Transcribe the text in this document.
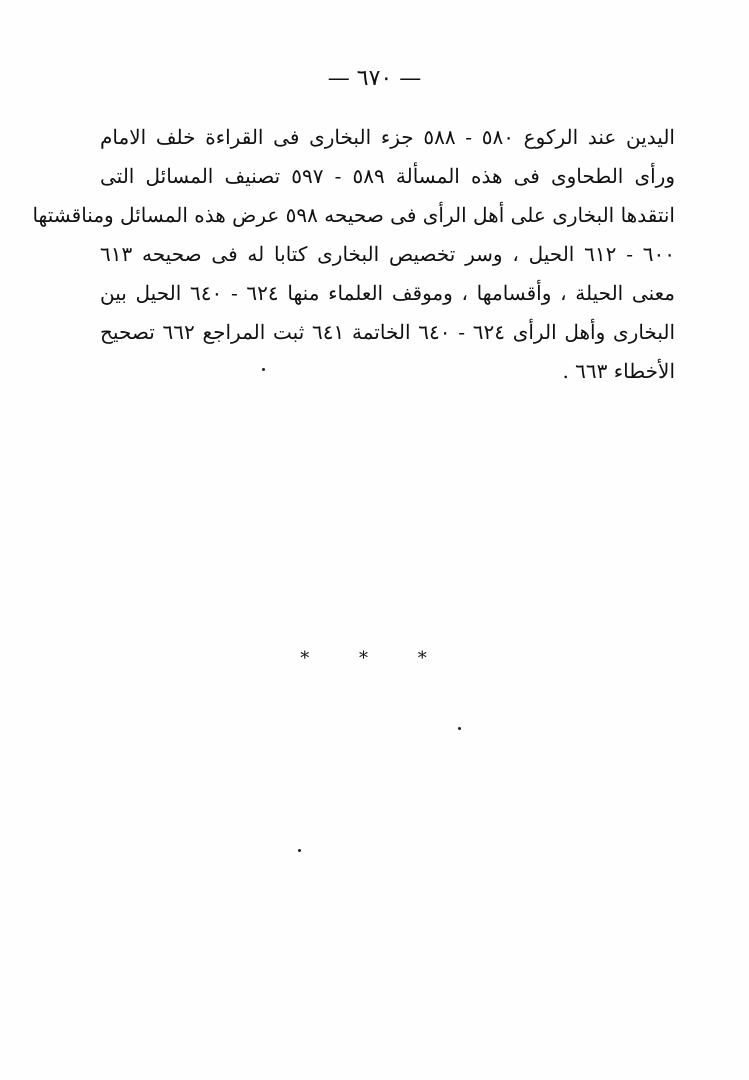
— ٦٧٠ —
اليدين عند الركوع ٥٨٠ - ٥٨٨ جزء البخارى فى القراءة خلف الامام
ورأى الطحاوى فى هذه المسألة ٥٨٩ - ٥٩٧ تصنيف المسائل التى
انتقدها البخارى على أهل الرأى فى صحيحه ٥٩٨ عرض هذه المسائل ومناقشتها
٦٠٠ - ٦١٢ الحيل ، وسر تخصيص البخارى كتابا له فى صحيحه ٦١٣
معنى الحيلة ، وأقسامها ، وموقف العلماء منها ٦٢٤ - ٦٤٠ الحيل بين
البخارى وأهل الرأى ٦٢٤ - ٦٤٠ الخاتمة ٦٤١ ثبت المراجع ٦٦٢ تصحيح
الأخطاء ٦٦٣ .
* * *
